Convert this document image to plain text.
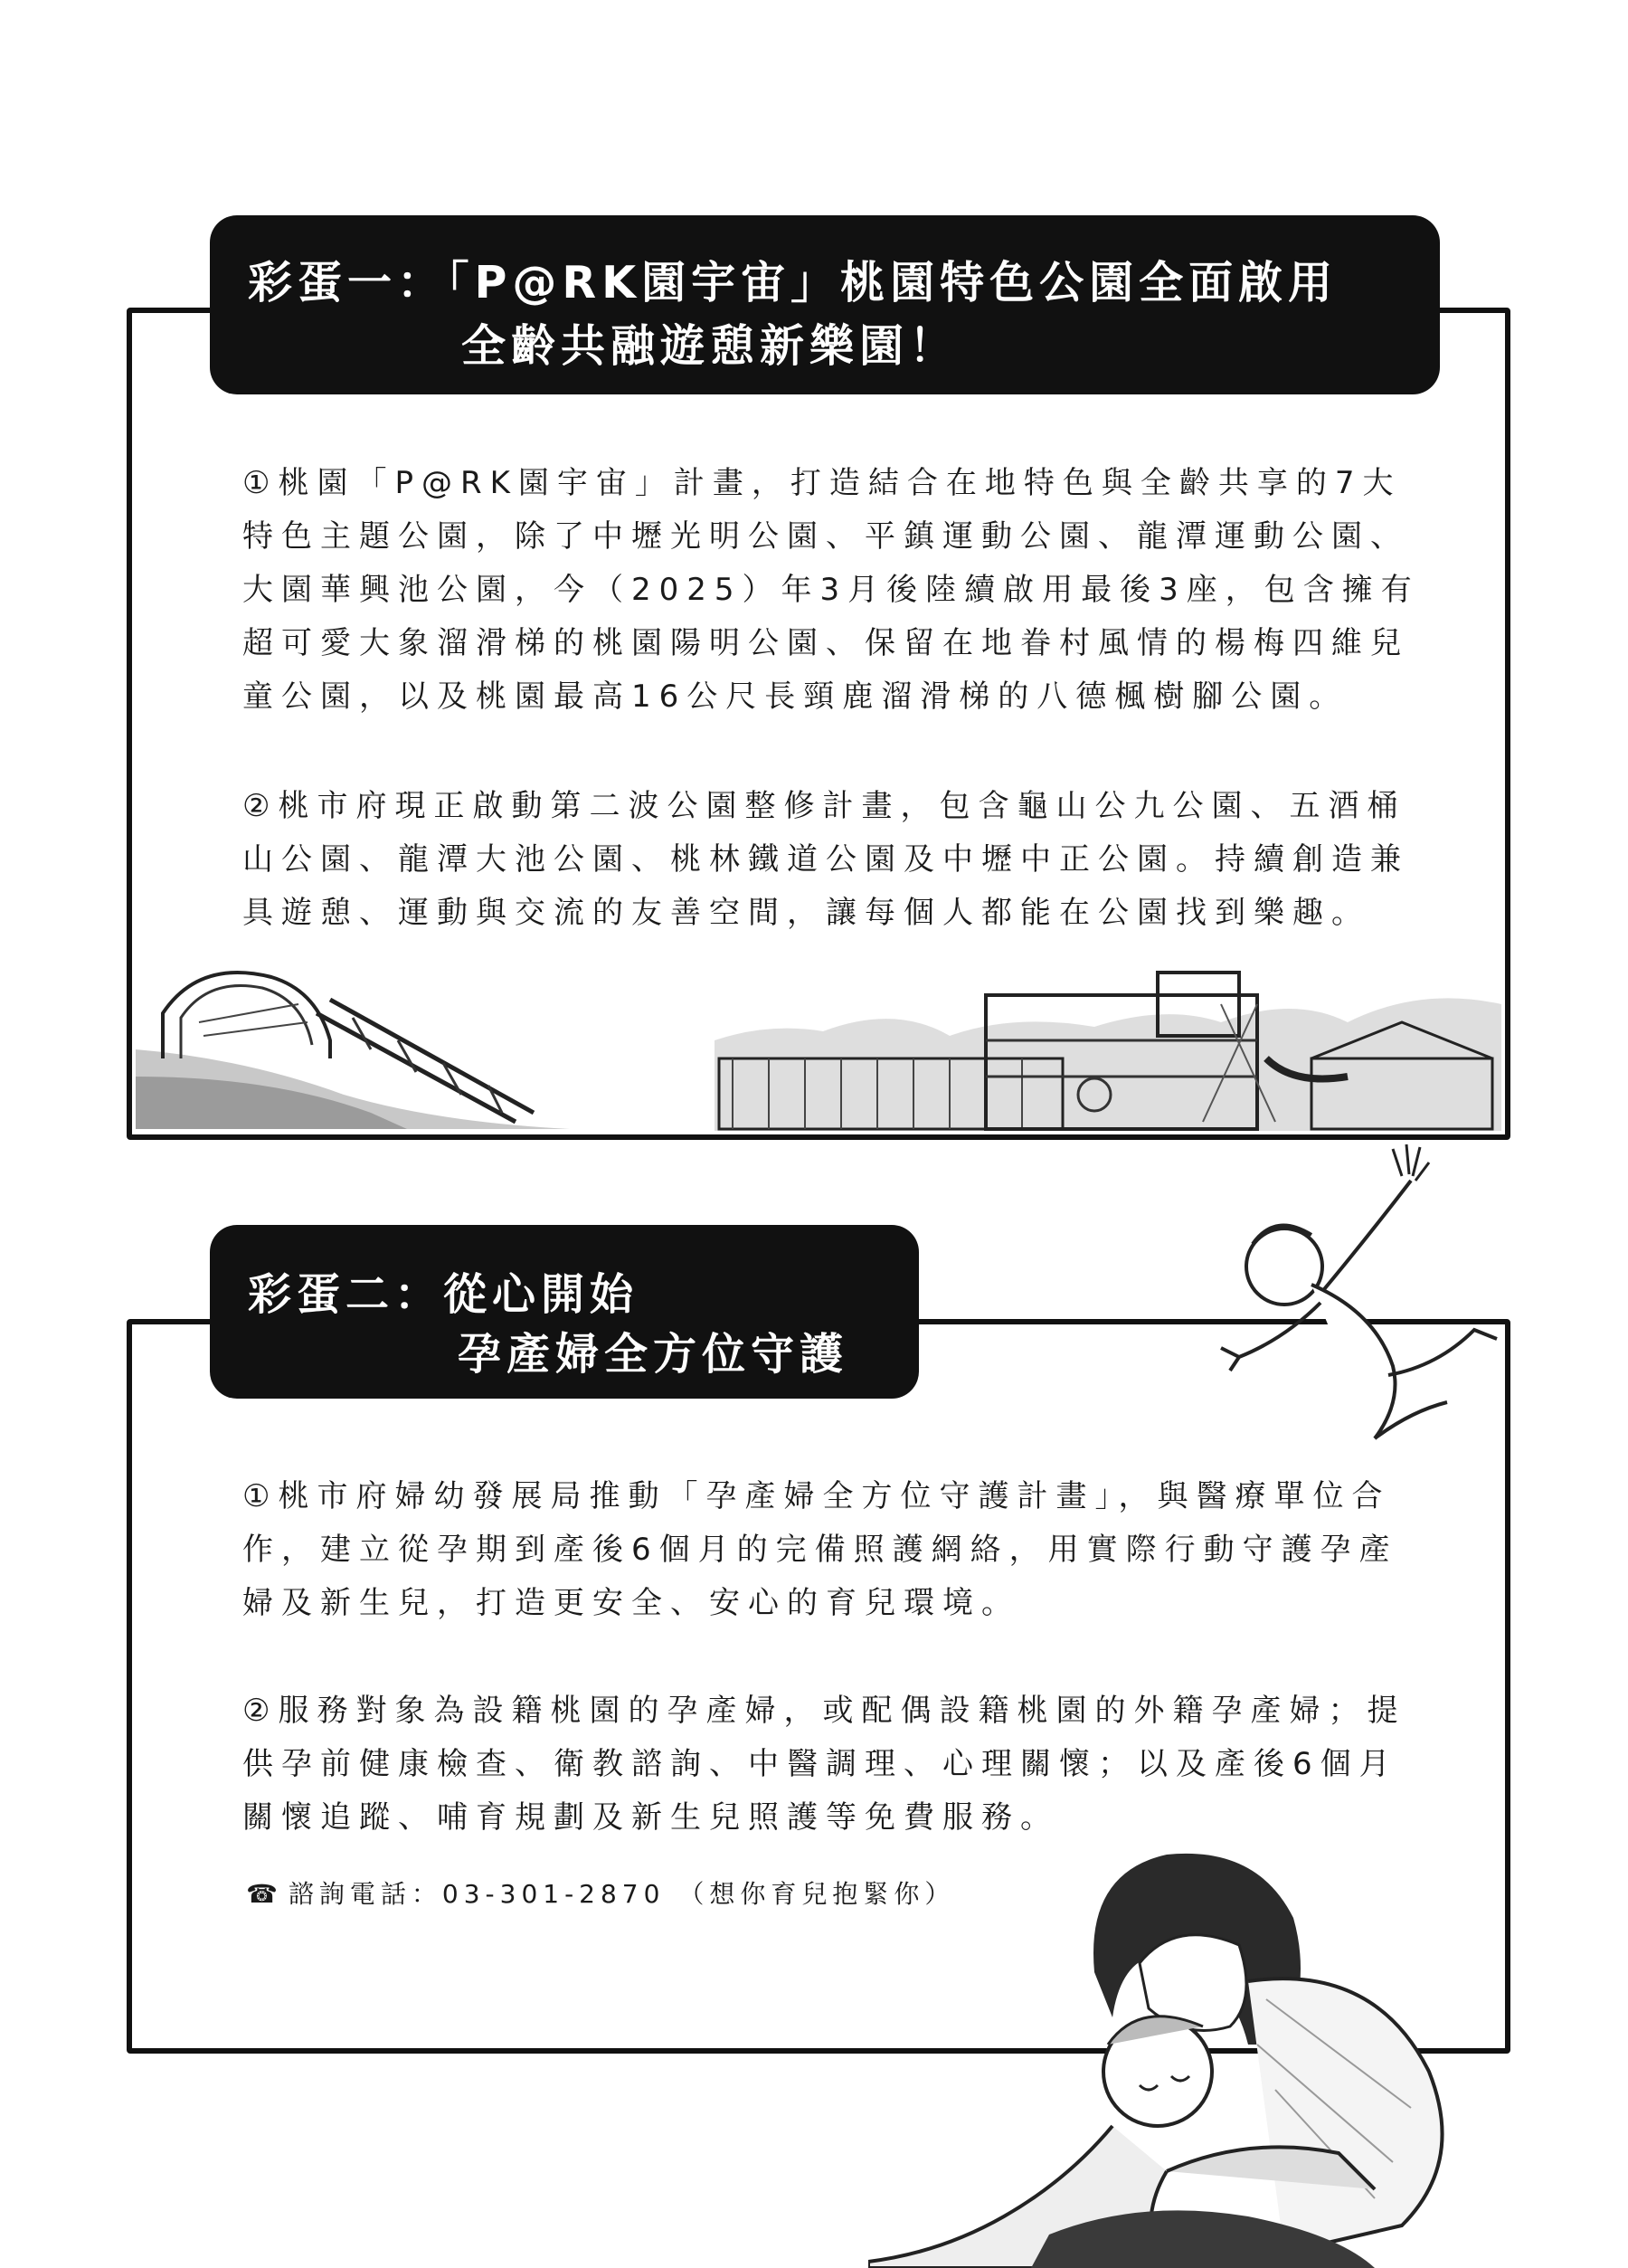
彩蛋一：「P@RK園宇宙」桃園特色公園全面啟用
全齡共融遊憩新樂園！
①桃園「P@RK園宇宙」計畫，打造結合在地特色與全齡共享的7大
特色主題公園，除了中壢光明公園、平鎮運動公園、龍潭運動公園、
大園華興池公園，今（2025）年3月後陸續啟用最後3座，包含擁有
超可愛大象溜滑梯的桃園陽明公園、保留在地眷村風情的楊梅四維兒
童公園，以及桃園最高16公尺長頸鹿溜滑梯的八德楓樹腳公園。
②桃市府現正啟動第二波公園整修計畫，包含龜山公九公園、五酒桶
山公園、龍潭大池公園、桃林鐵道公園及中壢中正公園。持續創造兼
具遊憩、運動與交流的友善空間，讓每個人都能在公園找到樂趣。
彩蛋二：從心開始
孕產婦全方位守護
①桃市府婦幼發展局推動「孕產婦全方位守護計畫」，與醫療單位合
作，建立從孕期到產後6個月的完備照護網絡，用實際行動守護孕產
婦及新生兒，打造更安全、安心的育兒環境。
②服務對象為設籍桃園的孕產婦，或配偶設籍桃園的外籍孕產婦；提
供孕前健康檢查、衛教諮詢、中醫調理、心理關懷；以及產後6個月
關懷追蹤、哺育規劃及新生兒照護等免費服務。
☎ 諮詢電話：03-301-2870 （想你育兒抱緊你）
